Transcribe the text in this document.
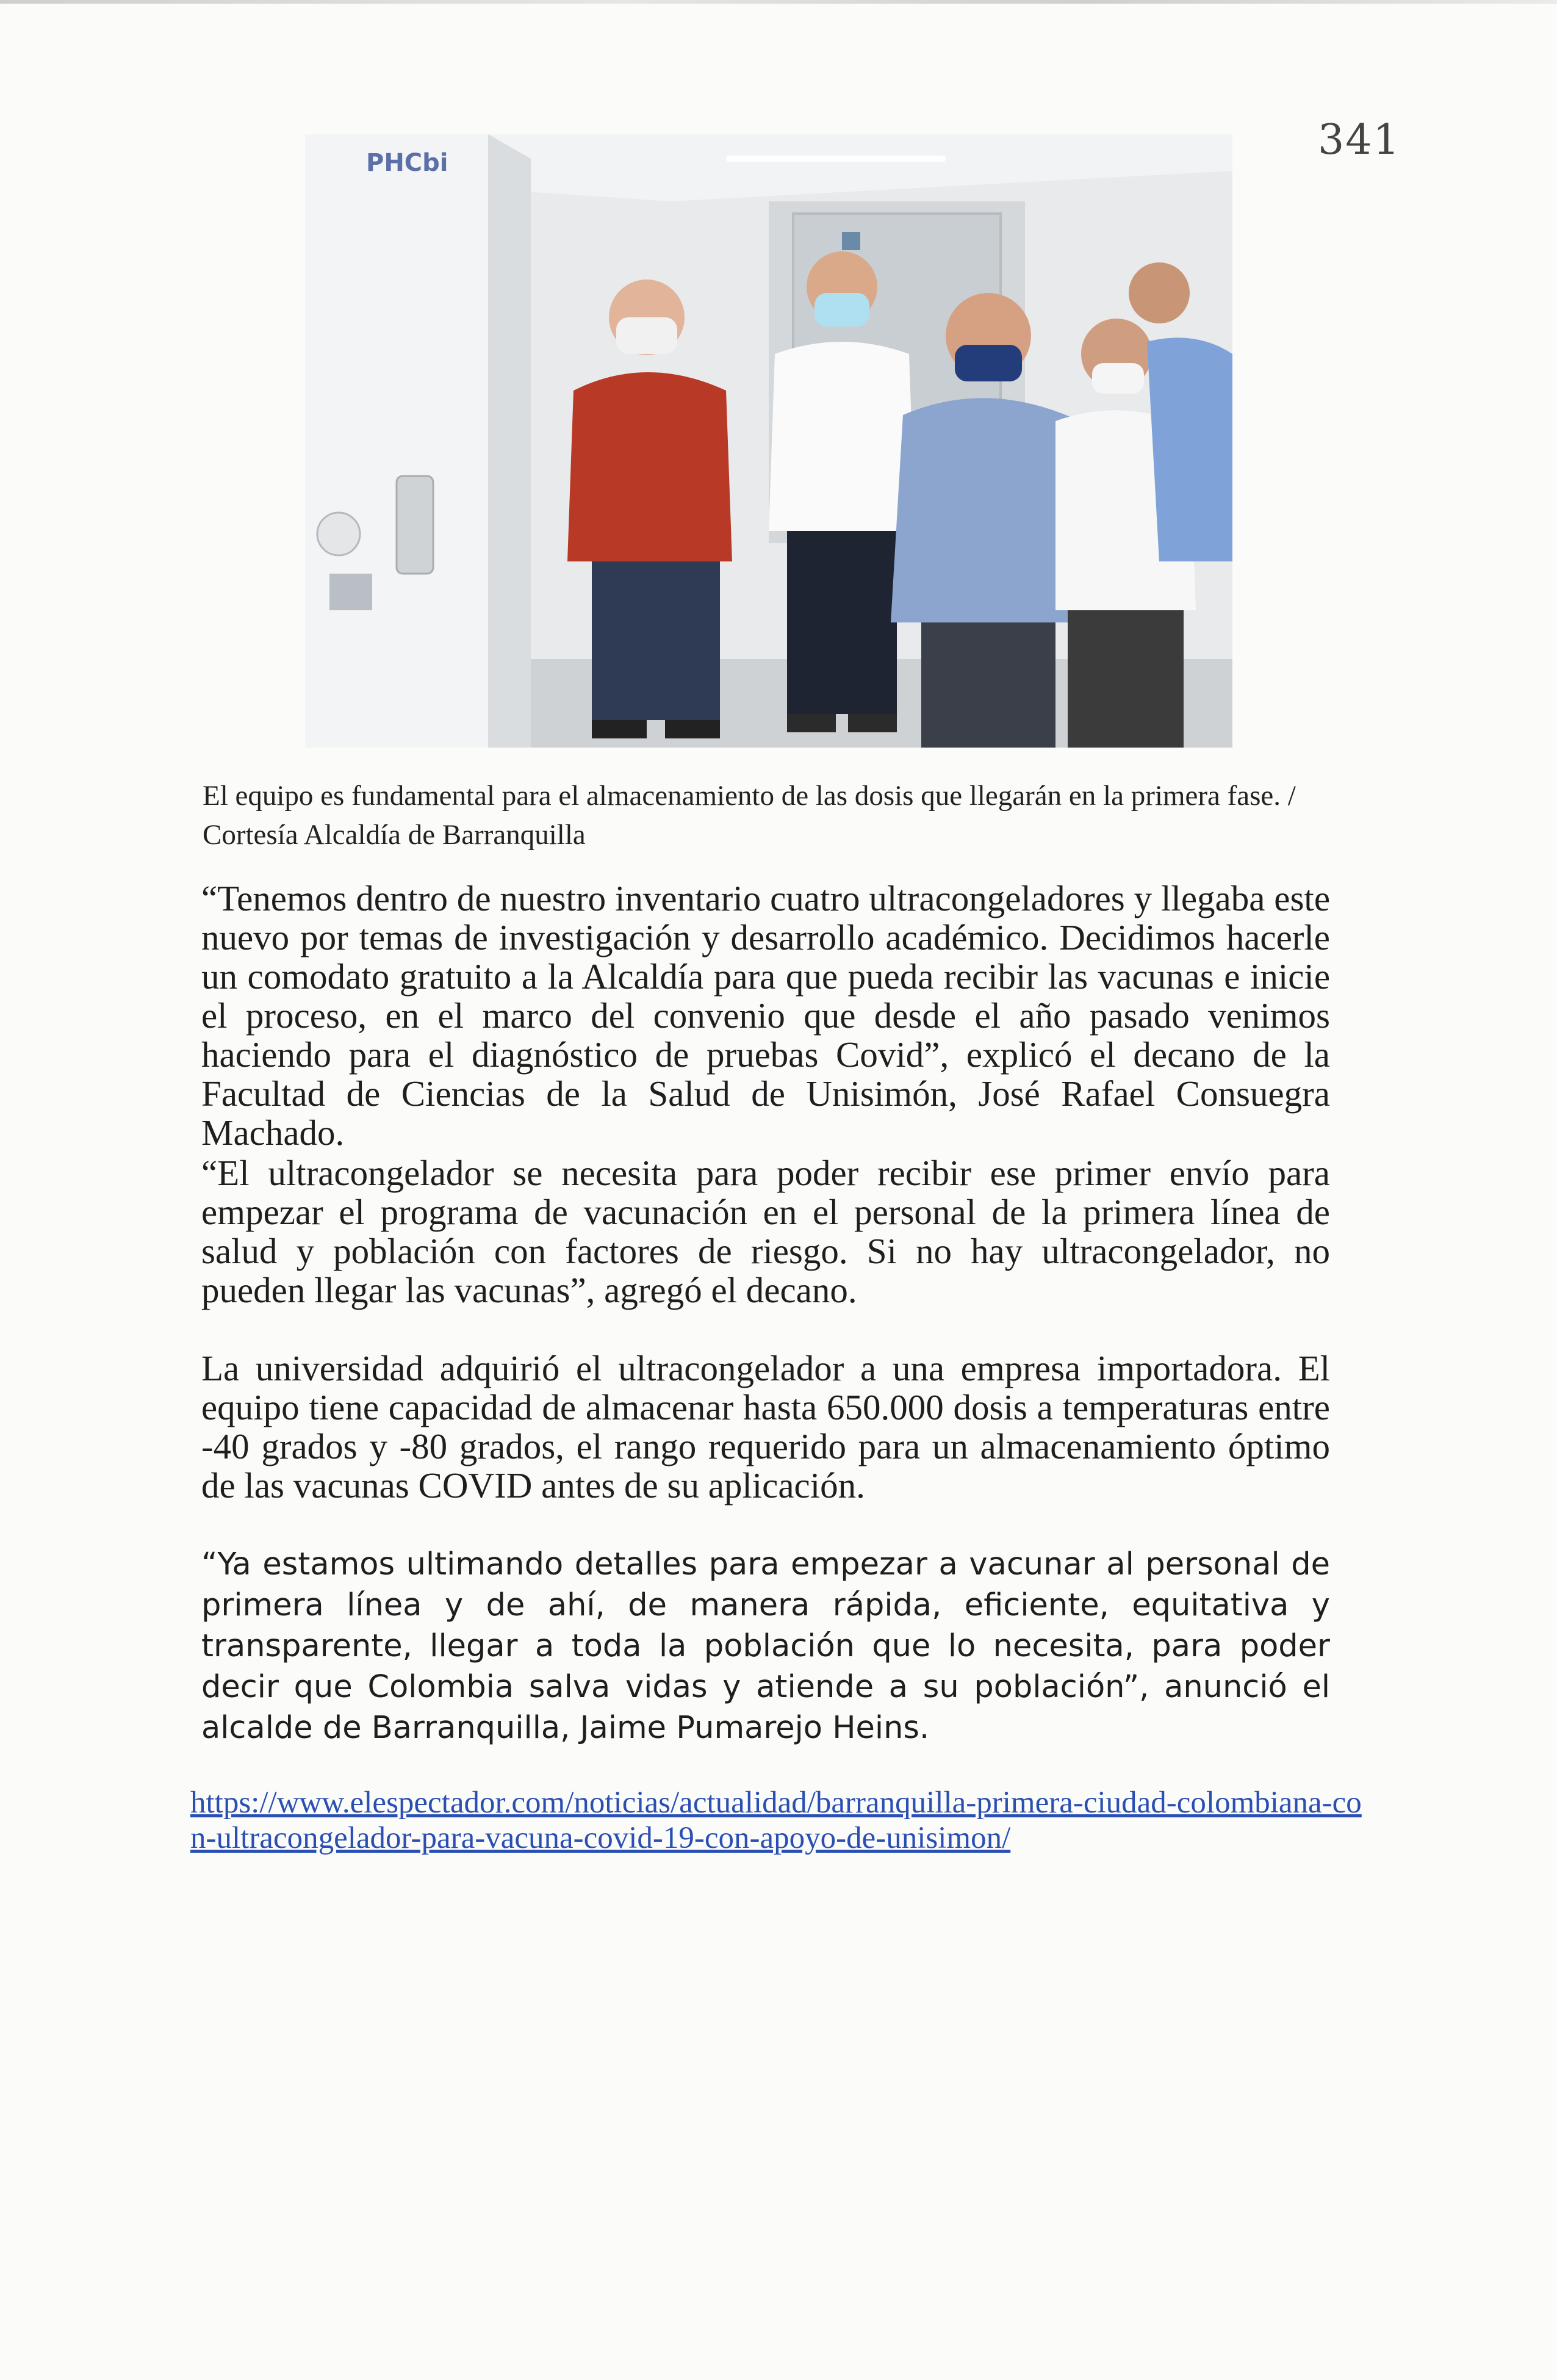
341
PHCbi
El equipo es fundamental para el almacenamiento de las dosis que llegarán en la primera fase. / Cortesía Alcaldía de Barranquilla
“Tenemos dentro de nuestro inventario cuatro ultracongeladores y llegaba este nuevo por temas de investigación y desarrollo académico. Decidimos hacerle un comodato gratuito a la Alcaldía para que pueda recibir las vacunas e inicie el proceso, en el marco del convenio que desde el año pasado venimos haciendo para el diagnóstico de pruebas Covid”, explicó el decano de la Facultad de Ciencias de la Salud de Unisimón, José Rafael Consuegra Machado.
“El ultracongelador se necesita para poder recibir ese primer envío para empezar el programa de vacunación en el personal de la primera línea de salud y población con factores de riesgo. Si no hay ultracongelador, no pueden llegar las vacunas”, agregó el decano.
La universidad adquirió el ultracongelador a una empresa importadora. El equipo tiene capacidad de almacenar hasta 650.000 dosis a temperaturas entre -40 grados y -80 grados, el rango requerido para un almacenamiento óptimo de las vacunas COVID antes de su aplicación.
“Ya estamos ultimando detalles para empezar a vacunar al personal de primera línea y de ahí, de manera rápida, eficiente, equitativa y transparente, llegar a toda la población que lo necesita, para poder decir que Colombia salva vidas y atiende a su población”, anunció el alcalde de Barranquilla, Jaime Pumarejo Heins.
https://www.elespectador.com/noticias/actualidad/barranquilla-primera-ciudad-colombiana-con-ultracongelador-para-vacuna-covid-19-con-apoyo-de-unisimon/
